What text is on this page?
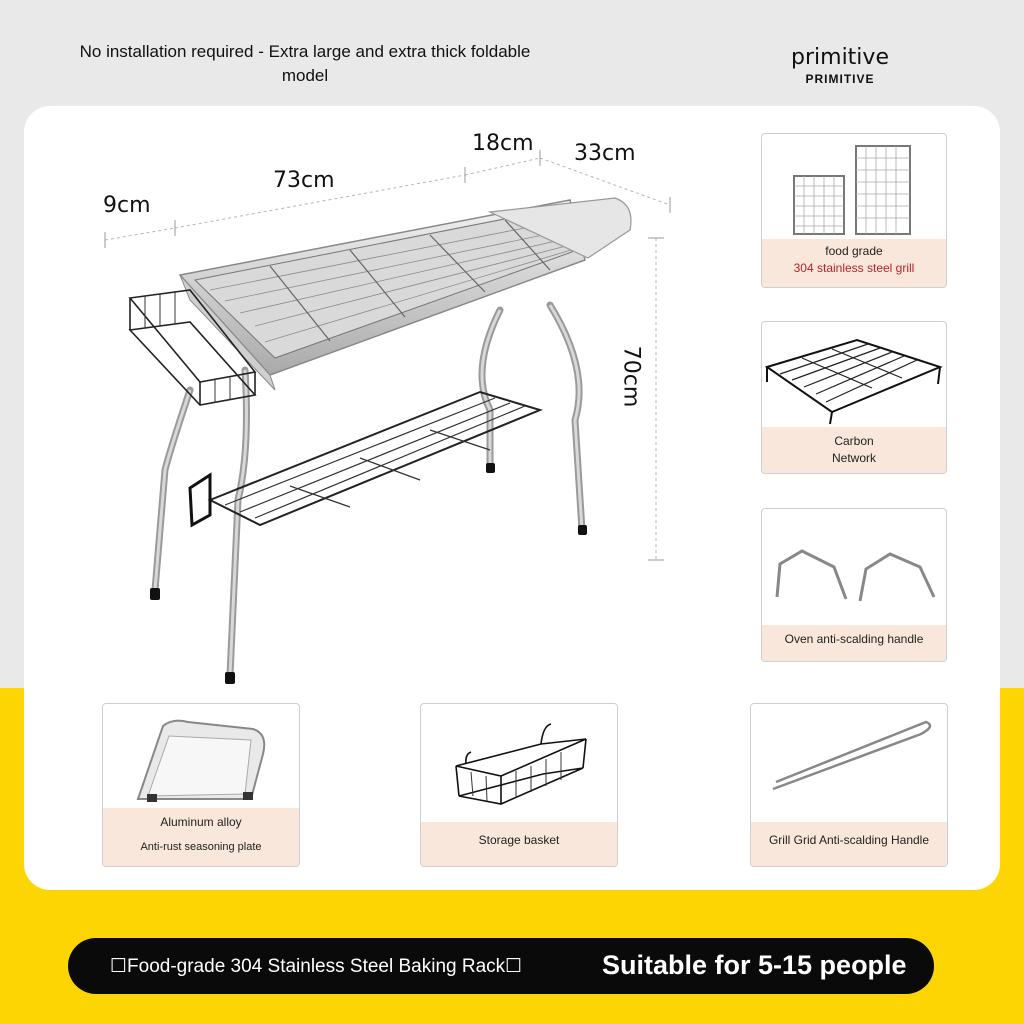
No installation required - Extra large and extra thick foldable
model
primitive
PRIMITIVE
9cm
73cm
18cm 33cm
70cm
food grade
304 stainless steel grill
Carbon
Network
Oven anti-scalding handle
Aluminum alloy
Anti-rust seasoning plate	Storage basket	Grill Grid Anti-scalding Handle
☐Food-grade 304 Stainless Steel Baking Rack☐	Suitable for 5-15 people
